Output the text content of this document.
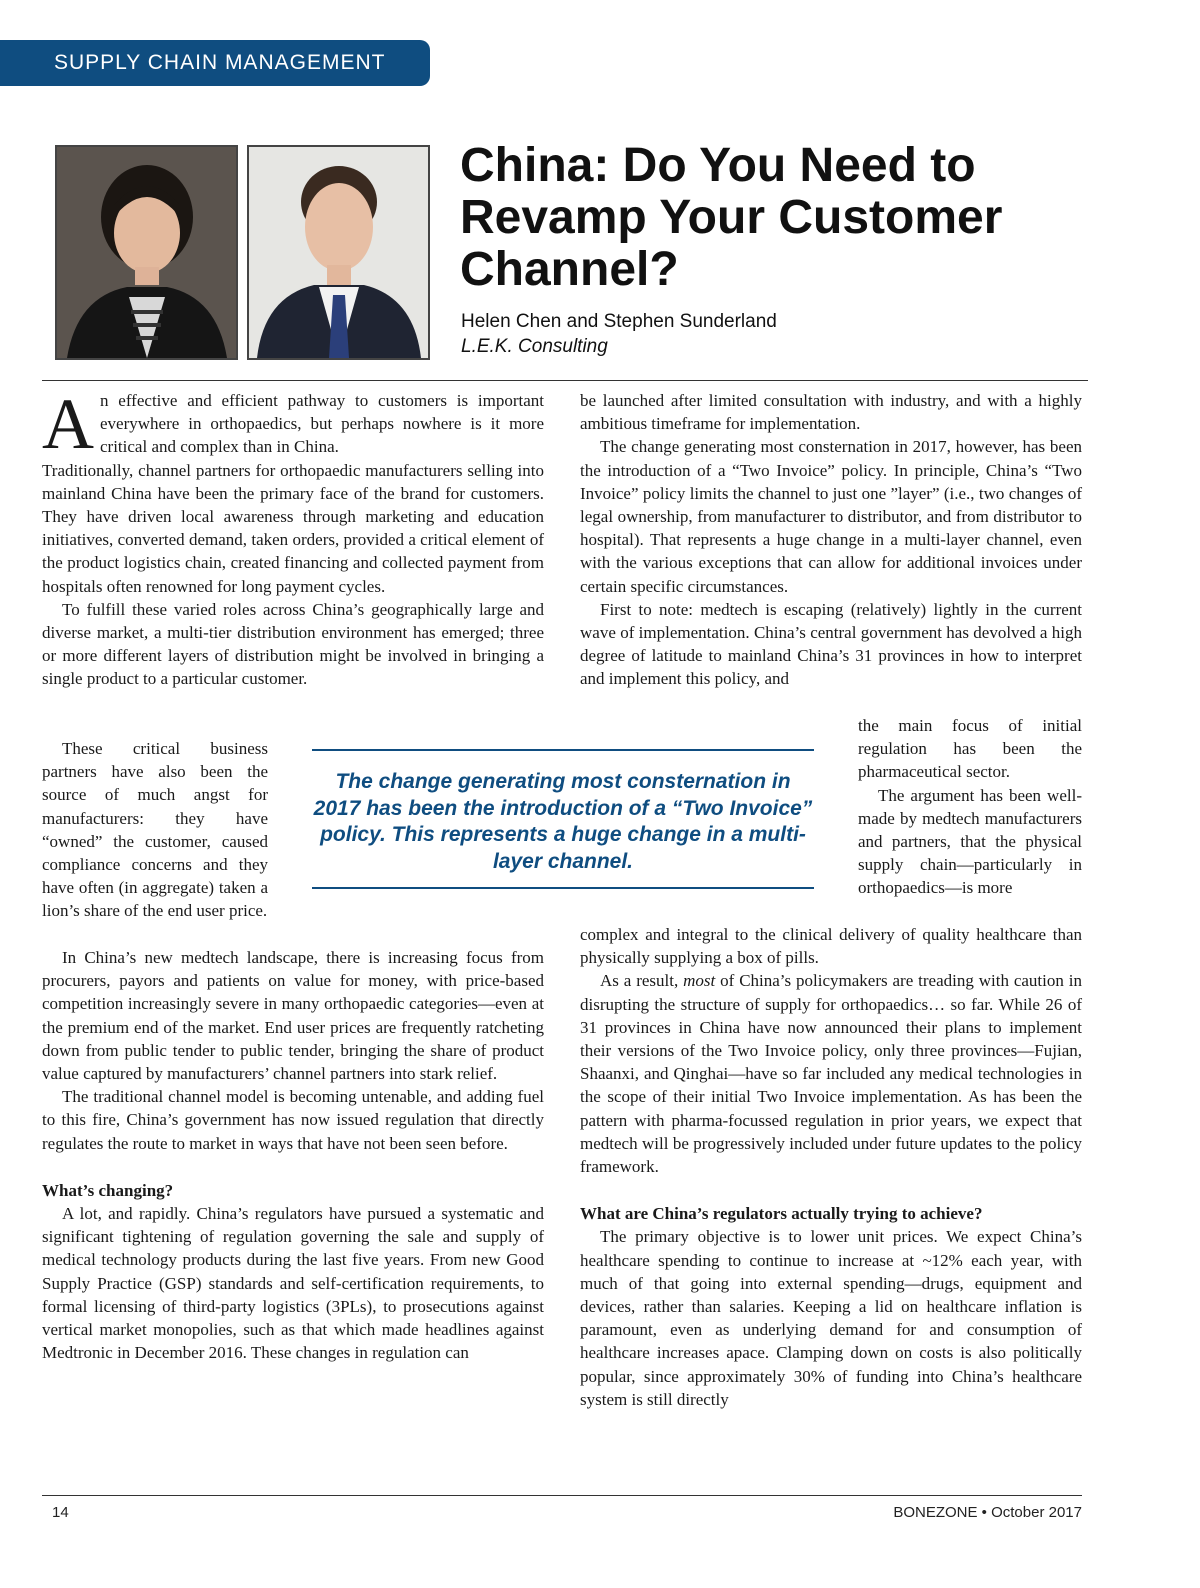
SUPPLY CHAIN MANAGEMENT
China: Do You Need to Revamp Your Customer Channel?
Helen Chen and Stephen Sunderland
L.E.K. Consulting

An effective and efficient pathway to customers is important everywhere in orthopaedics, but perhaps nowhere is it more critical and complex than in China.

Traditionally, channel partners for orthopaedic manufacturers selling into mainland China have been the primary face of the brand for customers. They have driven local awareness through marketing and education initiatives, converted demand, taken orders, provided a critical element of the product logistics chain, created financing and collected payment from hospitals often renowned for long payment cycles.

To fulfill these varied roles across China’s geographically large and diverse market, a multi-tier distribution environment has emerged; three or more different layers of distribution might be involved in bringing a single product to a particular customer.

These critical business partners have also been the source of much angst for manufacturers: they have “owned” the customer, caused compliance concerns and they have often (in aggregate) taken a lion’s share of the end user price.

In China’s new medtech landscape, there is increasing focus from procurers, payors and patients on value for money, with price-based competition increasingly severe in many orthopaedic categories—even at the premium end of the market. End user prices are frequently ratcheting down from public tender to public tender, bringing the share of product value captured by manufacturers’ channel partners into stark relief.

The traditional channel model is becoming untenable, and adding fuel to this fire, China’s government has now issued regulation that directly regulates the route to market in ways that have not been seen before.

What’s changing?

A lot, and rapidly. China’s regulators have pursued a systematic and significant tightening of regulation governing the sale and supply of medical technology products during the last five years. From new Good Supply Practice (GSP) standards and self-certification requirements, to formal licensing of third-party logistics (3PLs), to prosecutions against vertical market monopolies, such as that which made headlines against Medtronic in December 2016. These changes in regulation can

be launched after limited consultation with industry, and with a highly ambitious timeframe for implementation.

The change generating most consternation in 2017, however, has been the introduction of a “Two Invoice” policy. In principle, China’s “Two Invoice” policy limits the channel to just one ”layer” (i.e., two changes of legal ownership, from manufacturer to distributor, and from distributor to hospital). That represents a huge change in a multi-layer channel, even with the various exceptions that can allow for additional invoices under certain specific circumstances.

First to note: medtech is escaping (relatively) lightly in the current wave of implementation. China’s central government has devolved a high degree of latitude to mainland China’s 31 provinces in how to interpret and implement this policy, and

the main focus of initial regulation has been the pharmaceutical sector.

The argument has been well-made by medtech manufacturers and partners, that the physical supply chain—particularly in orthopaedics—is more

complex and integral to the clinical delivery of quality healthcare than physically supplying a box of pills.

As a result, most of China’s policymakers are treading with caution in disrupting the structure of supply for orthopaedics… so far. While 26 of 31 provinces in China have now announced their plans to implement their versions of the Two Invoice policy, only three provinces—Fujian, Shaanxi, and Qinghai—have so far included any medical technologies in the scope of their initial Two Invoice implementation. As has been the pattern with pharma-focussed regulation in prior years, we expect that medtech will be progressively included under future updates to the policy framework.

What are China’s regulators actually trying to achieve?

The primary objective is to lower unit prices. We expect China’s healthcare spending to continue to increase at ~12% each year, with much of that going into external spending—drugs, equipment and devices, rather than salaries. Keeping a lid on healthcare inflation is paramount, even as underlying demand for and consumption of healthcare increases apace. Clamping down on costs is also politically popular, since approximately 30% of funding into China’s healthcare system is still directly

The change generating most consternation in 2017 has been the introduction of a “Two Invoice” policy. This represents a huge change in a multi-layer channel.
14	BONEZONE • October 2017
